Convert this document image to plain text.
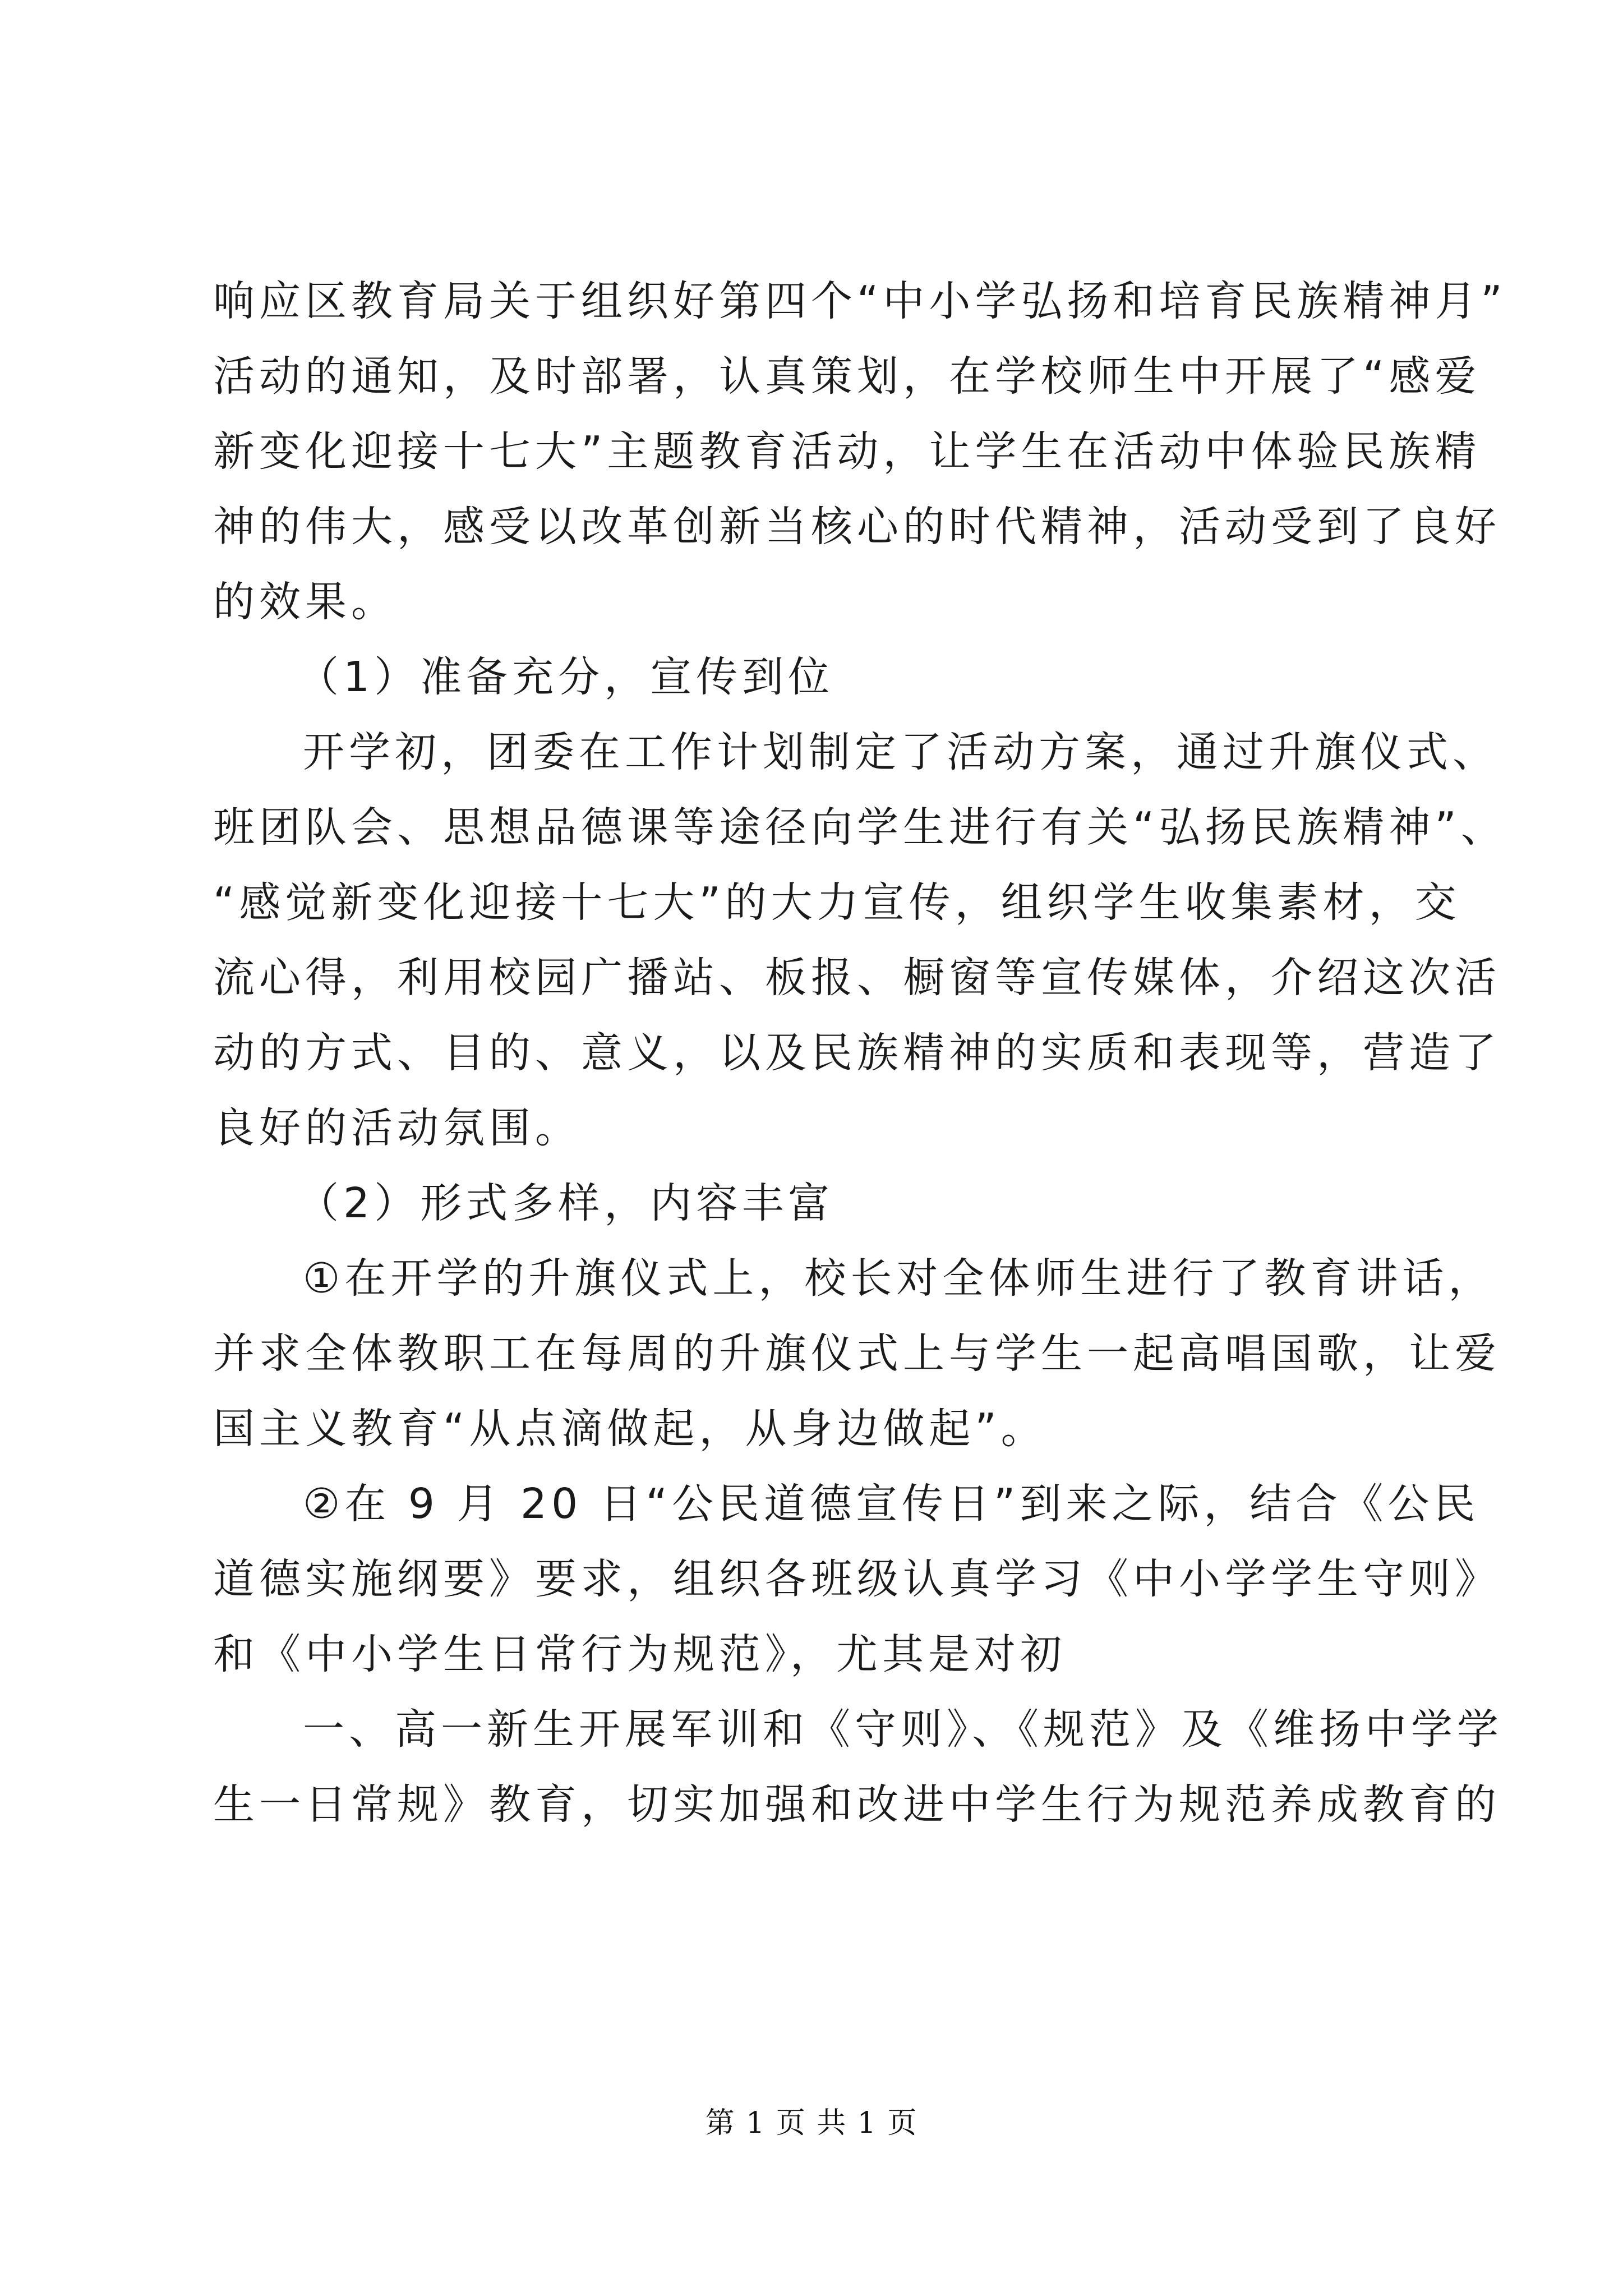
响应区教育局关于组织好第四个“中小学弘扬和培育民族精神月”
活动的通知，及时部署，认真策划，在学校师生中开展了“感爱
新变化迎接十七大”主题教育活动，让学生在活动中体验民族精
神的伟大，感受以改革创新当核心的时代精神，活动受到了良好
的效果。
（1）准备充分，宣传到位
开学初，团委在工作计划制定了活动方案，通过升旗仪式、
班团队会、思想品德课等途径向学生进行有关“弘扬民族精神”、
“感觉新变化迎接十七大”的大力宣传，组织学生收集素材，交
流心得，利用校园广播站、板报、橱窗等宣传媒体，介绍这次活
动的方式、目的、意义，以及民族精神的实质和表现等，营造了
良好的活动氛围。
（2）形式多样，内容丰富
①在开学的升旗仪式上，校长对全体师生进行了教育讲话，
并求全体教职工在每周的升旗仪式上与学生一起高唱国歌，让爱
国主义教育“从点滴做起，从身边做起”。
②在 9 月 20 日“公民道德宣传日”到来之际，结合《公民
道德实施纲要》要求，组织各班级认真学习《中小学学生守则》
和《中小学生日常行为规范》，尤其是对初
一、高一新生开展军训和《守则》、《规范》及《维扬中学学
生一日常规》教育，切实加强和改进中学生行为规范养成教育的
第 1 页 共 1 页
